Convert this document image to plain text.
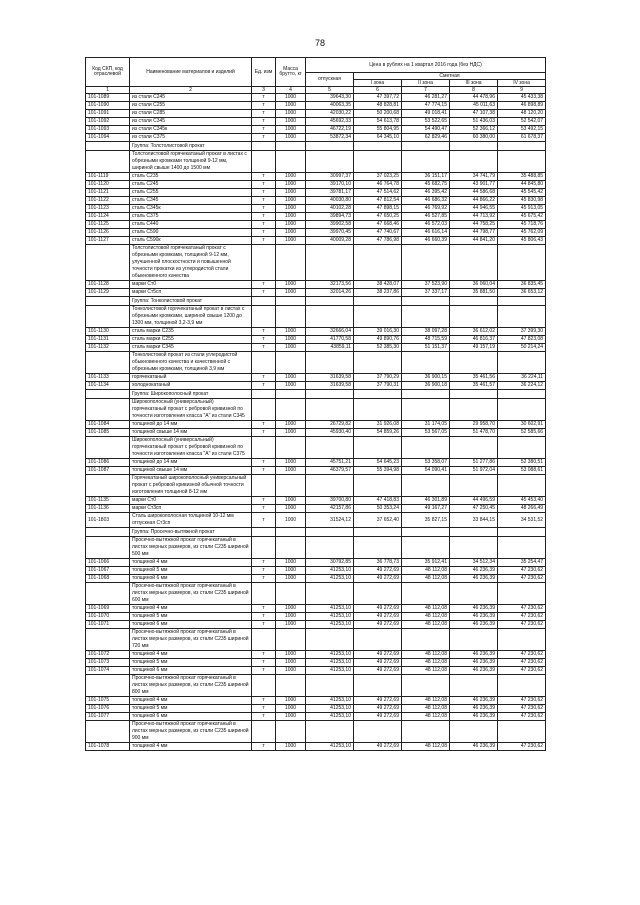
78
Код СКП, код отраслевой	Наименование материалов и изделий	Ед. изм	Масса брутто, кг	Цена в рублях на 1 квартал 2016 года (без НДС)				
				отпускная	Сметная			
					I зона	II зона	III зона	IV зона
1	2	3	4	5	6	7	8	9
101-1089	из стали С245	т	1000	39643,30	47 397,72	46 281,27	44 478,96	45 433,38
101-1090	из стали С255	т	1000	40063,35	48 828,81	47 774,15	45 011,63	46 898,89
101-1091	из стали С285	т	1000	42030,22	50 200,68	49 018,41	47 107,38	48 120,20
101-1092	из стали С345	т	1000	45692,33	54 613,78	53 522,65	51 436,03	52 542,07
101-1093	из стали С345к	т	1000	46722,19	55 804,95	54 490,47	52 366,12	53 492,15
101-1094	из стали С375	т	1000	53872,34	64 345,10	62 829,46	60 380,00	61 678,37
	Группа: Толстолистовой прокат							
	Толстолистовой горячекатаный прокат в листах с обрезными кромками толщиной 9-12 мм, шириной свыше 1400 до 1500 мм							
101-1119	сталь С235	т	1000	30997,37	37 023,25	36 151,17	34 741,79	35 488,85
101-1120	сталь С245	т	1000	39170,10	46 764,78	45 682,75	43 901,77	44 845,80
101-1121	сталь С255	т	1000	39781,17	47 514,62	46 395,42	44 586,68	45 545,42
101-1122	сталь С345	т	1000	40030,80	47 812,54	46 686,32	44 866,22	45 830,98
101-1123	сталь С345к	т	1000	40102,28	47 898,15	46 769,92	44 946,55	45 913,05
101-1124	сталь С375	т	1000	39894,73	47 650,25	46 527,85	44 713,92	45 675,42
101-1125	сталь С440	т	1000	39902,58	47 668,46	46 572,03	44 758,25	45 718,76
101-1126	сталь С590	т	1000	39970,45	47 740,67	46 616,14	44 798,77	45 762,09
101-1127	сталь С590к	т	1000	40009,28	47 786,98	46 660,39	44 841,20	45 806,43
	Толстолистовой горячекатаный прокат с обрезными кромками, толщиной 9-12 мм, улучшенной плоскостности и повышенной точности прокатки из углеродистой стали обыкновенного качества							
101-1128	марки Ст0	т	1000	32173,56	38 428,07	37 523,90	36 060,04	36 835,45
101-1129	марки Ст5сп	т	1000	32014,26	38 237,86	37 337,17	35 881,50	36 653,12
	Группа: Тонколистовой прокат							
	Тонколистовой горячекатаный прокат в листах с обрезными кромками, шириной свыше 1200 до 1300 мм, толщиной 3,2-3,9 мм							
101-1130	сталь марки С235	т	1000	32666,04	39 016,30	38 097,28	36 612,02	37 399,30
101-1131	сталь марки С255	т	1000	41770,58	49 890,76	48 715,59	46 816,37	47 823,08
101-1132	сталь марки С345	т	1000	43859,11	52 385,30	51 151,37	49 157,19	50 214,24
	Тонколистовой прокат из стали углеродистой обыкновенного качества и качественной с обрезными кромками, толщиной 3,9 мм							
101-1133	горячекатаный	т	1000	31639,58	37 790,29	36 900,15	35 461,56	36 224,11
101-1134	холоднокатаный	т	1000	31639,58	37 790,31	36 900,18	35 461,57	36 224,12
	Группа: Широкополосный прокат							
	Широкополосный (универсальный) горячекатаный прокат с ребровой кривизной по точности изготовления класса "А" из стали С345							
101-1084	толщиной до 14 мм	т	1000	26729,82	31 926,08	31 174,05	29 958,70	30 602,91
101-1085	толщиной свыше 14 мм	т	1000	45930,40	54 859,26	53 567,05	51 478,70	52 585,66
	Широкополосный (универсальный) горячекатаный прокат с ребровой кривизной по точности изготовления класса "А" из стали С375							
101-1086	толщиной до 14 мм	т	1000	45751,21	54 645,23	53 358,07	51 277,86	52 380,51
101-1087	толщиной свыше 14 мм	т	1000	46379,57	55 394,98	54 090,41	51 972,04	53 088,61
	Горячекатаный широкополосный универсальный прокат с ребровой кривизной обычной точности изготовления толщиной 8-12 мм							
101-1135	марки Ст0	т	1000	39700,80	47 418,83	46 301,89	44 496,59	45 453,40
101-1136	марки Ст3сп	т	1000	42157,86	50 353,24	49 167,27	47 250,45	48 266,49
101-1803	Сталь широкополосная толщиной 10-12 мм отпускная Ст3сп	т	1000	31524,12	37 652,40	35 827,15	33 844,15	34 531,52
	Группа: Просечно-вытяжной прокат							
	Просечно-вытяжной прокат горячекатаный в листах мерных размеров, из стали С235 шириной 500 мм							
101-1066	толщиной 4 мм	т	1000	30792,85	36 778,73	35 912,41	34 512,34	35 254,47
101-1067	толщиной 5 мм	т	1000	41253,10	49 272,69	48 112,08	46 236,39	47 230,62
101-1068	толщиной 6 мм	т	1000	41253,10	49 272,69	48 112,08	46 236,39	47 230,62
	Просечно-вытяжной прокат горячекатаный в листах мерных размеров, из стали С235 шириной 600 мм							
101-1069	толщиной 4 мм	т	1000	41253,10	49 272,69	48 112,08	46 236,39	47 230,62
101-1070	толщиной 5 мм	т	1000	41253,10	49 272,69	48 112,08	46 236,39	47 230,62
101-1071	толщиной 6 мм	т	1000	41253,10	49 272,69	48 112,08	46 236,39	47 230,62
	Просечно-вытяжной прокат горячекатаный в листах мерных размеров, из стали С235 шириной 720 мм							
101-1072	толщиной 4 мм	т	1000	41253,10	49 272,69	48 112,08	46 236,39	47 230,62
101-1073	толщиной 5 мм	т	1000	41253,10	49 272,69	48 112,08	46 236,39	47 230,62
101-1074	толщиной 6 мм	т	1000	41253,10	49 272,69	48 112,08	46 236,39	47 230,62
	Просечно-вытяжной прокат горячекатаный в листах мерных размеров, из стали С235 шириной 800 мм							
101-1075	толщиной 4 мм	т	1000	41253,10	49 272,69	48 112,08	46 236,39	47 230,62
101-1076	толщиной 5 мм	т	1000	41253,10	49 272,69	48 112,08	46 236,39	47 230,62
101-1077	толщиной 6 мм	т	1000	41253,10	49 272,69	48 112,08	46 236,39	47 230,62
	Просечно-вытяжной прокат горячекатаный в листах мерных размеров, из стали С235 шириной 900 мм							
101-1078	толщиной 4 мм	т	1000	41253,10	49 272,69	48 112,08	46 236,39	47 230,62
